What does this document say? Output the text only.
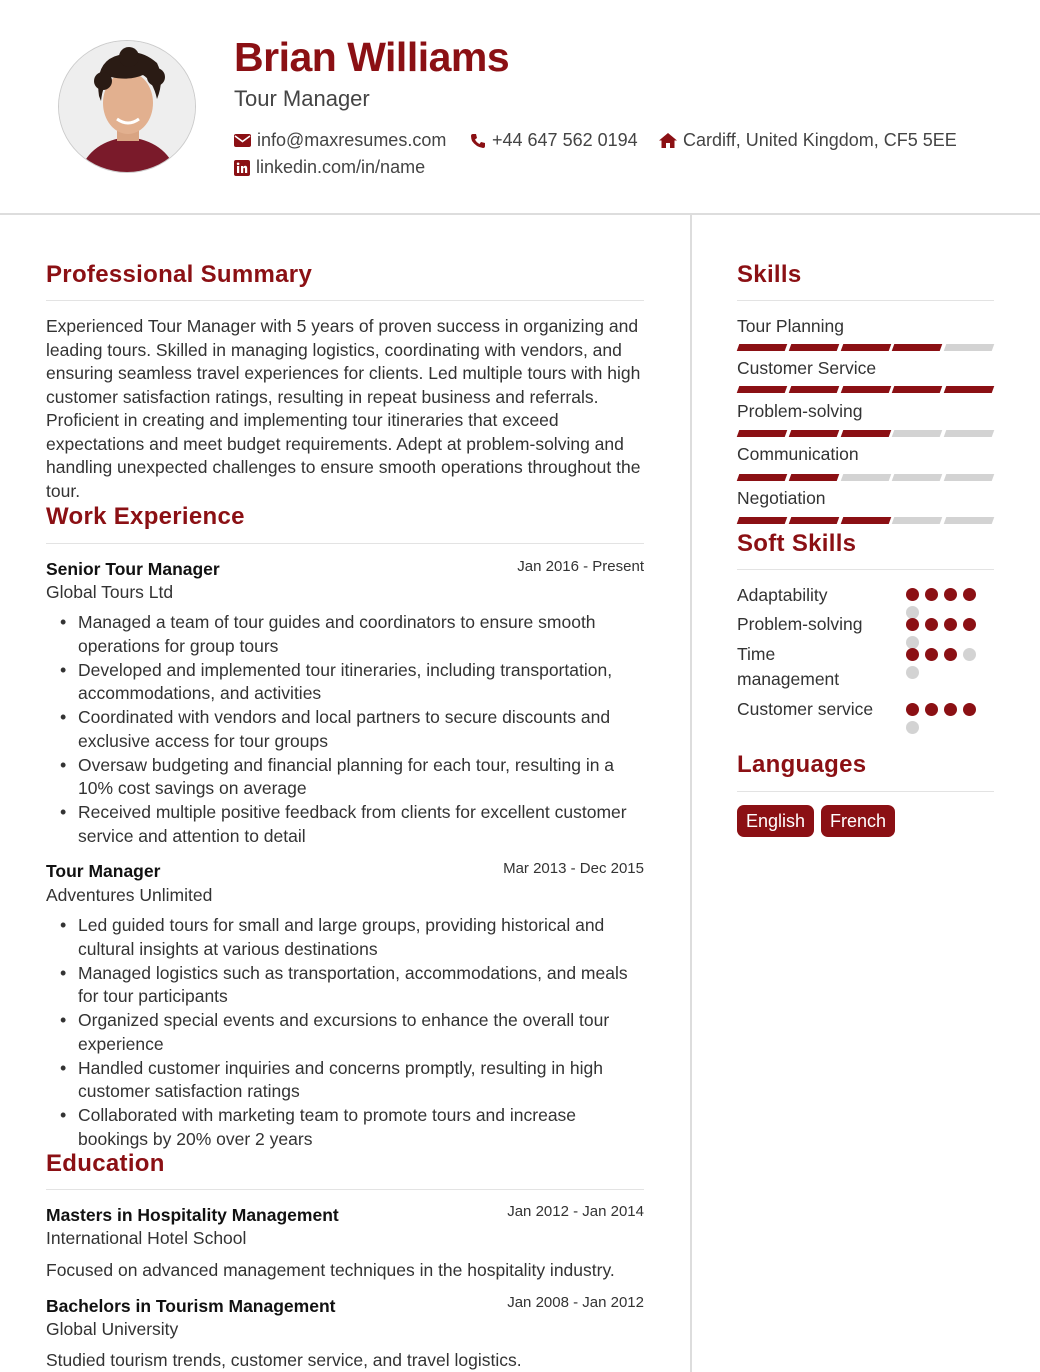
Brian Williams
Tour Manager
info@maxresumes.com	+44 647 562 0194	Cardiff, United Kingdom, CF5 5EE
linkedin.com/in/name
Professional Summary
Experienced Tour Manager with 5 years of proven success in organizing and leading tours. Skilled in managing logistics, coordinating with vendors, and ensuring seamless travel experiences for clients. Led multiple tours with high customer satisfaction ratings, resulting in repeat business and referrals. Proficient in creating and implementing tour itineraries that exceed expectations and meet budget requirements. Adept at problem-solving and handling unexpected challenges to ensure smooth operations throughout the tour.
Work Experience
Senior Tour Manager	Jan 2016 - Present
Global Tours Ltd
• Managed a team of tour guides and coordinators to ensure smooth operations for group tours
• Developed and implemented tour itineraries, including transportation, accommodations, and activities
• Coordinated with vendors and local partners to secure discounts and exclusive access for tour groups
• Oversaw budgeting and financial planning for each tour, resulting in a 10% cost savings on average
• Received multiple positive feedback from clients for excellent customer service and attention to detail
Tour Manager	Mar 2013 - Dec 2015
Adventures Unlimited
• Led guided tours for small and large groups, providing historical and cultural insights at various destinations
• Managed logistics such as transportation, accommodations, and meals for tour participants
• Organized special events and excursions to enhance the overall tour experience
• Handled customer inquiries and concerns promptly, resulting in high customer satisfaction ratings
• Collaborated with marketing team to promote tours and increase bookings by 20% over 2 years
Education
Masters in Hospitality Management	Jan 2012 - Jan 2014
International Hotel School
Focused on advanced management techniques in the hospitality industry.
Bachelors in Tourism Management	Jan 2008 - Jan 2012
Global University
Studied tourism trends, customer service, and travel logistics.
Skills
Tour Planning
Customer Service
Problem-solving
Communication
Negotiation
Soft Skills
Adaptability
Problem-solving
Time management
Customer service
Languages
English	French
